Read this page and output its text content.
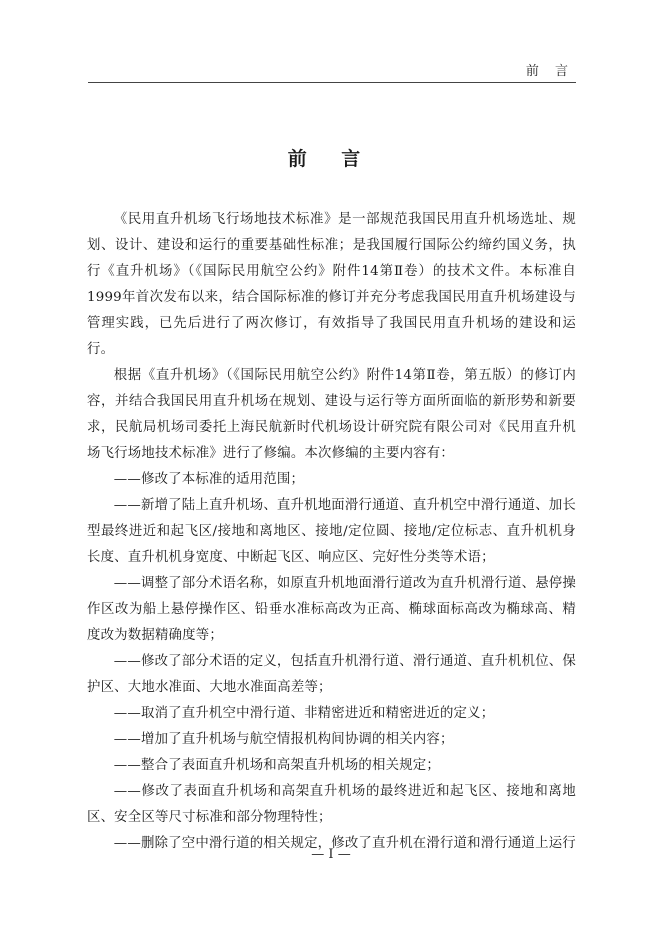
前 言
前 言

《民用直升机场飞行场地技术标准》是一部规范我国民用直升机场选址、规划、设计、建设和运行的重要基础性标准；是我国履行国际公约缔约国义务，执行《直升机场》（《国际民用航空公约》附件14第Ⅱ卷）的技术文件。本标准自1999年首次发布以来，结合国际标准的修订并充分考虑我国民用直升机场建设与管理实践，已先后进行了两次修订，有效指导了我国民用直升机场的建设和运行。

根据《直升机场》（《国际民用航空公约》附件14第Ⅱ卷，第五版）的修订内容，并结合我国民用直升机场在规划、建设与运行等方面所面临的新形势和新要求，民航局机场司委托上海民航新时代机场设计研究院有限公司对《民用直升机场飞行场地技术标准》进行了修编。本次修编的主要内容有：

——修改了本标准的适用范围；

——新增了陆上直升机场、直升机地面滑行通道、直升机空中滑行通道、加长型最终进近和起飞区/接地和离地区、接地/定位圆、接地/定位标志、直升机机身长度、直升机机身宽度、中断起飞区、响应区、完好性分类等术语；

——调整了部分术语名称，如原直升机地面滑行道改为直升机滑行道、悬停操作区改为船上悬停操作区、铅垂水准标高改为正高、椭球面标高改为椭球高、精度改为数据精确度等；

——修改了部分术语的定义，包括直升机滑行道、滑行通道、直升机机位、保护区、大地水准面、大地水准面高差等；

——取消了直升机空中滑行道、非精密进近和精密进近的定义；

——增加了直升机场与航空情报机构间协调的相关内容；

——整合了表面直升机场和高架直升机场的相关规定；

——修改了表面直升机场和高架直升机场的最终进近和起飞区、接地和离地区、安全区等尺寸标准和部分物理特性；

——删除了空中滑行道的相关规定，修改了直升机在滑行道和滑行通道上运行

— Ⅰ —
